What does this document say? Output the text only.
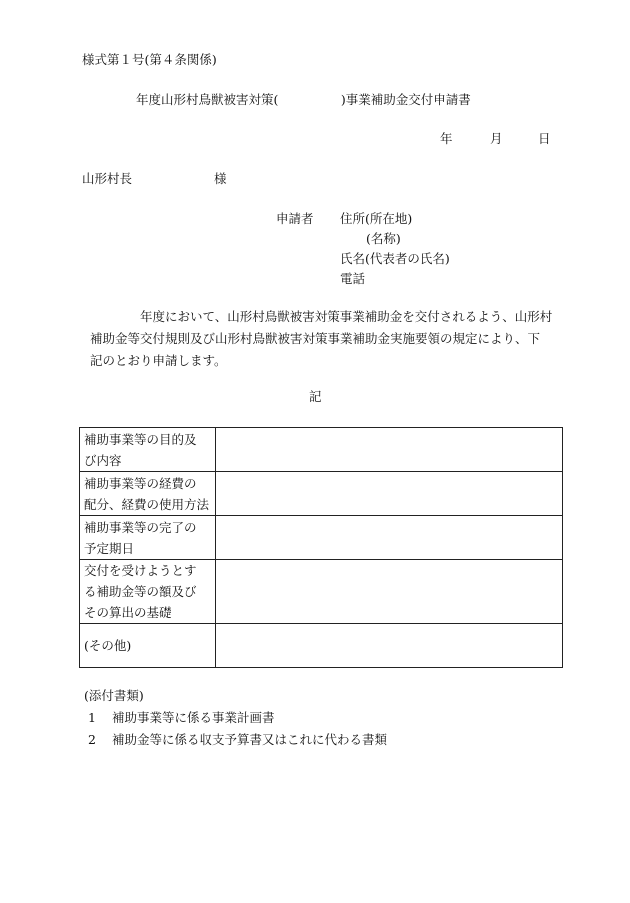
様式第１号(第４条関係)
年度山形村鳥獣被害対策(　　　　　)事業補助金交付申請書
年	月	日
山形村長	様
申請者 住所(所在地)
(名称)
氏名(代表者の氏名)
電話
年度において、山形村鳥獣被害対策事業補助金を交付されるよう、山形村
補助金等交付規則及び山形村鳥獣被害対策事業補助金実施要領の規定により、下
記のとおり申請します。
記
補助事業等の目的及
び内容	

補助事業等の経費の
配分、経費の使用方法	

補助事業等の完了の
予定期日	

交付を受けようとす
る補助金等の額及び
その算出の基礎	

(その他)	

(添付書類)
1 補助事業等に係る事業計画書
2 補助金等に係る収支予算書又はこれに代わる書類
